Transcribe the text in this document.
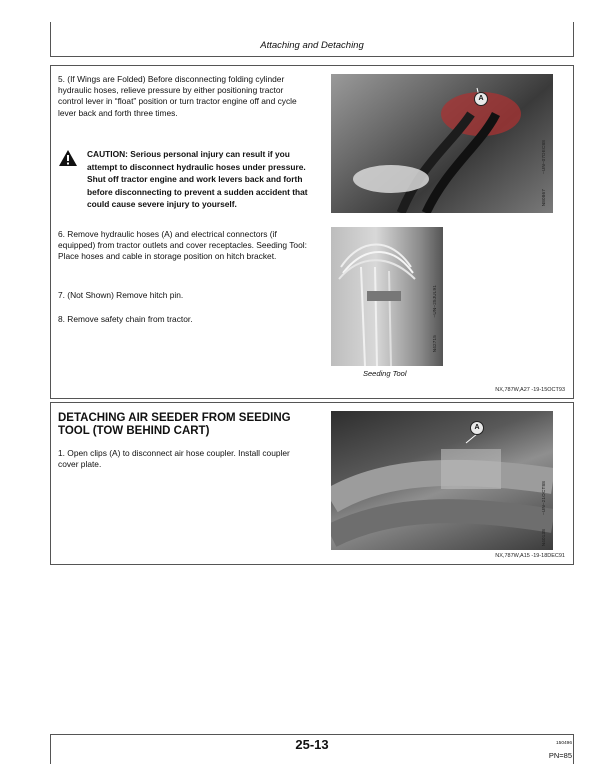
Attaching and Detaching

5. (If Wings are Folded) Before disconnecting folding cylinder hydraulic hoses, relieve pressure by either positioning tractor control lever in “float” position or turn tractor engine off and cycle lever back and forth three times.

CAUTION: Serious personal injury can result if you attempt to disconnect hydraulic hoses under pressure. Shut off tractor engine and work levers back and forth before disconnecting to prevent a sudden accident that could cause severe injury to yourself.

6. Remove hydraulic hoses (A) and electrical connectors (if equipped) from tractor outlets and cover receptacles. Seeding Tool: Place hoses and cable in storage position on hitch bracket.

7. (Not Shown) Remove hitch pin.

8. Remove safety chain from tractor.

A
–UN–07DEC88
N80867
–UN–25JUL91
N42715
Seeding Tool
NX,787W,A27 -19-15OCT93
DETACHING AIR SEEDER FROM SEEDING TOOL (TOW BEHIND CART)

1. Open clips (A) to disconnect air hose coupler. Install coupler cover plate.

A
–UN–21OCT88
N40138
NX,787W,A15 -19-18DEC91
25-13	150496
PN=85
